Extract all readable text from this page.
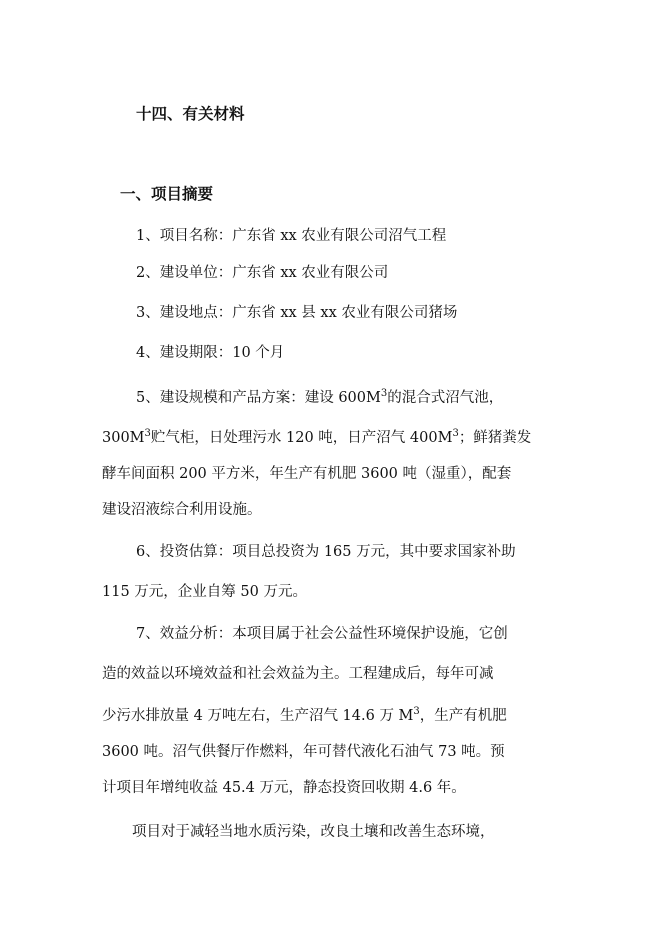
十四、有关材料
一、项目摘要
1、项目名称：广东省 xx 农业有限公司沼气工程
2、建设单位：广东省 xx 农业有限公司
3、建设地点：广东省 xx 县 xx 农业有限公司猪场
4、建设期限：10 个月
5、建设规模和产品方案：建设 $600M^3$的混合式沼气池，
$300M^3$贮气柜，日处理污水 120 吨，日产沼气 $400M^3$；鲜猪粪发
酵车间面积 200 平方米，年生产有机肥 3600 吨（湿重），配套
建设沼液综合利用设施。
6、投资估算：项目总投资为 165 万元，其中要求国家补助
115 万元，企业自筹 50 万元。
7、效益分析：本项目属于社会公益性环境保护设施，它创
造的效益以环境效益和社会效益为主。工程建成后，每年可减
少污水排放量 4 万吨左右，生产沼气 14.6 万 $M^3$，生产有机肥
3600 吨。沼气供餐厅作燃料，年可替代液化石油气 73 吨。预
计项目年增纯收益 45.4 万元，静态投资回收期 4.6 年。
项目对于减轻当地水质污染，改良土壤和改善生态环境，
